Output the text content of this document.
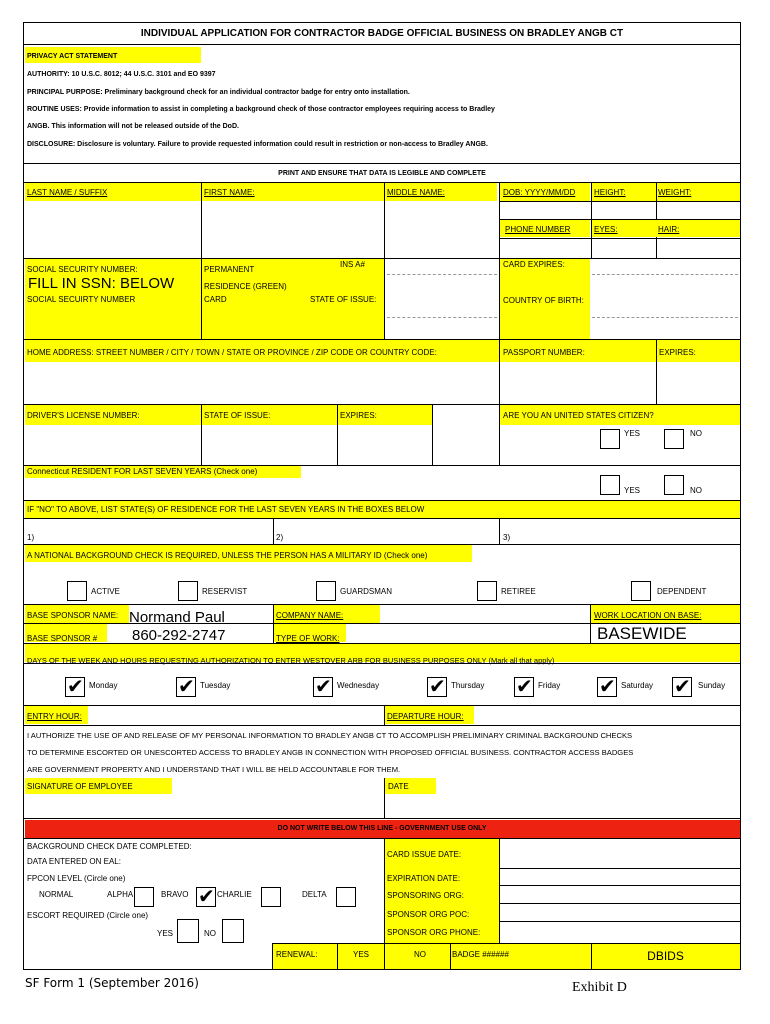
INDIVIDUAL APPLICATION FOR CONTRACTOR BADGE OFFICIAL BUSINESS ON BRADLEY ANGB CT
PRIVACY ACT STATEMENT
AUTHORITY: 10 U.S.C. 8012; 44 U.S.C. 3101 and EO 9397
PRINCIPAL PURPOSE: Preliminary background check for an individual contractor badge for entry onto installation.
ROUTINE USES: Provide information to assist in completing a background check of those contractor employees requiring access to Bradley
ANGB. This information will not be released outside of the DoD.
DISCLOSURE: Disclosure is voluntary. Failure to provide requested information could result in restriction or non-access to Bradley ANGB.
PRINT AND ENSURE THAT DATA IS LEGIBLE AND COMPLETE
LAST NAME / SUFFIX	FIRST NAME:	MIDDLE NAME:	DOB: YYYY/MM/DD HEIGHT:	WEIGHT:
PHONE NUMBER	EYES:	HAIR:
SOCIAL SECURITY NUMBER:
FILL IN SSN: BELOW
SOCIAL SECUIRTY NUMBER
PERMANENT
RESIDENCE (GREEN)
CARD
INS A#
STATE OF ISSUE:
CARD EXPIRES:
COUNTRY OF BIRTH:
HOME ADDRESS: STREET NUMBER / CITY / TOWN / STATE OR PROVINCE / ZIP CODE OR COUNTRY CODE:	PASSPORT NUMBER:	EXPIRES:
DRIVER'S LICENSE NUMBER:	STATE OF ISSUE:	EXPIRES:	ARE YOU AN UNITED STATES CITIZEN?
YES	NO
Connecticut RESIDENT FOR LAST SEVEN YEARS (Check one)
YES	NO
IF "NO" TO ABOVE, LIST STATE(S) OF RESIDENCE FOR THE LAST SEVEN YEARS IN THE BOXES BELOW
1)	2)	3)
A NATIONAL BACKGROUND CHECK IS REQUIRED, UNLESS THE PERSON HAS A MILITARY ID (Check one)
ACTIVE	RESERVIST	GUARDSMAN	RETIREE	DEPENDENT
BASE SPONSOR NAME: Normand Paul	COMPANY NAME:	WORK LOCATION ON BASE:
BASE SPONSOR # 860-292-2747	TYPE OF WORK:	BASEWIDE
DAYS OF THE WEEK AND HOURS REQUESTING AUTHORIZATION TO ENTER WESTOVER ARB FOR BUSINESS PURPOSES ONLY (Mark all that apply)
✔ Monday	✔ Tuesday	✔ Wednesday ✔ Thursday ✔ Friday ✔ Saturday ✔ Sunday
ENTRY HOUR:	DEPARTURE HOUR:
I AUTHORIZE THE USE OF AND RELEASE OF MY PERSONAL INFORMATION TO BRADLEY ANGB CT TO ACCOMPLISH PRELIMINARY CRIMINAL BACKGROUND CHECKS
TO DETERMINE ESCORTED OR UNESCORTED ACCESS TO BRADLEY ANGB IN CONNECTION WITH PROPOSED OFFICIAL BUSINESS. CONTRACTOR ACCESS BADGES
ARE GOVERNMENT PROPERTY AND I UNDERSTAND THAT I WILL BE HELD ACCOUNTABLE FOR THEM.
SIGNATURE OF EMPLOYEE	DATE
DO NOT WRITE BELOW THIS LINE - GOVERNMENT USE ONLY
BACKGROUND CHECK DATE COMPLETED:
DATA ENTERED ON EAL:
FPCON LEVEL (Circle one)
NORMAL	ALPHA	BRAVO ✔ CHARLIE	DELTA
ESCORT REQUIRED (Circle one)
YES	NO
CARD ISSUE DATE:
EXPIRATION DATE:
SPONSORING ORG:
SPONSOR ORG POC:
SPONSOR ORG PHONE:
RENEWAL:	YES	NO	BADGE ######	DBIDS
SF Form 1 (September 2016)	Exhibit D
